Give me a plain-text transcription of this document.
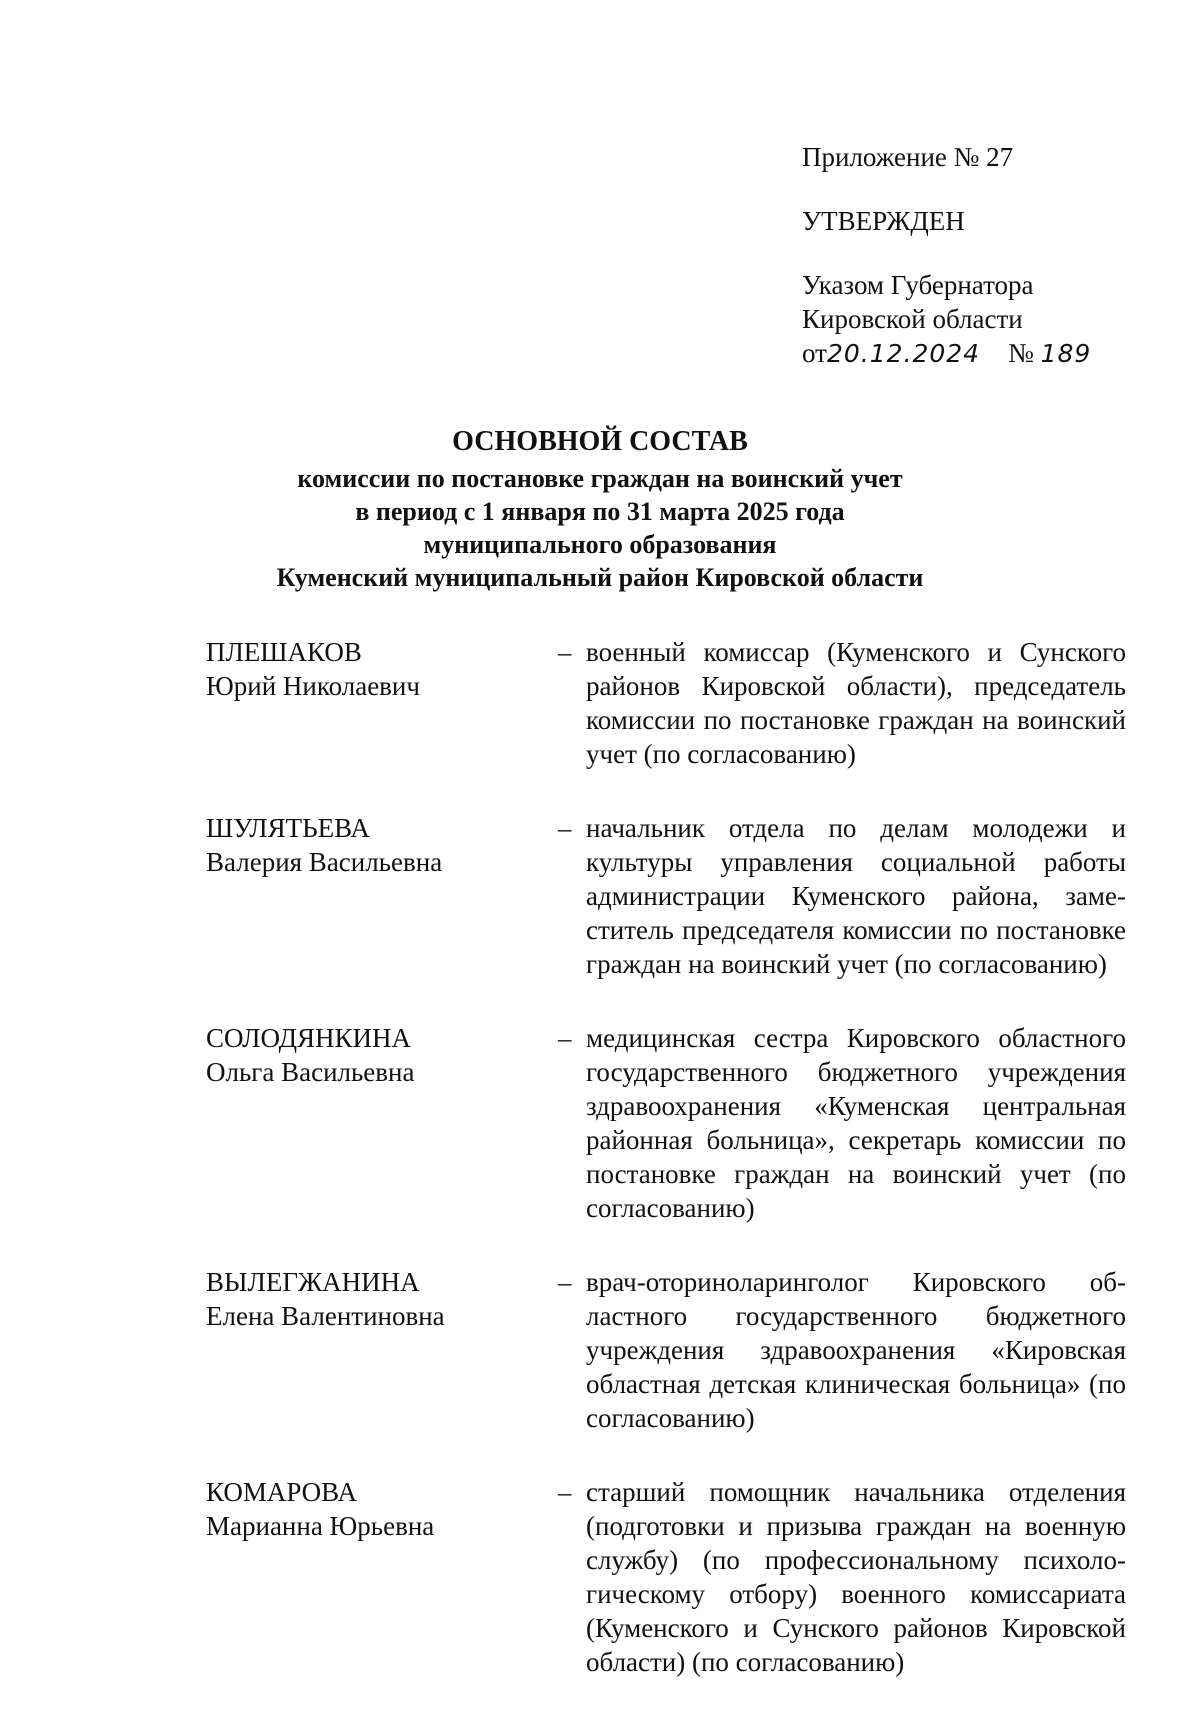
Приложение № 27
УТВЕРЖДЕН
Указом Губернатора
Кировской области
от20.12.2024 № 189
ОСНОВНОЙ СОСТАВ
комиссии по постановке граждан на воинский учет
в период с 1 января по 31 марта 2025 года
муниципального образования
Куменский муниципальный район Кировской области
ПЛЕШАКОВ
Юрий Николаевич
– военный комиссар (Куменского и Сунского районов Кировской области), председатель комиссии по постановке граждан на воинский учет (по согласованию)
ШУЛЯТЬЕВА
Валерия Васильевна
– начальник отдела по делам молодежи и культуры управления социальной работы администрации Куменского района, заместитель председателя комиссии по постановке граждан на воинский учет (по согласованию)
СОЛОДЯНКИНА
Ольга Васильевна
– медицинская сестра Кировского областного государственного бюджетного учреждения здравоохранения «Куменская центральная районная больница», секретарь комиссии по постановке граждан на воинский учет (по согласованию)
ВЫЛЕГЖАНИНА
Елена Валентиновна
– врач-оториноларинголог Кировского областного государственного бюджетного учреждения здравоохранения «Кировская областная детская клиническая больница» (по согласованию)
КОМАРОВА
Марианна Юрьевна
– старший помощник начальника отделения (подготовки и призыва граждан на военную службу) (по профессиональному психологическому отбору) военного комиссариата (Куменского и Сунского районов Кировской области) (по согласованию)
